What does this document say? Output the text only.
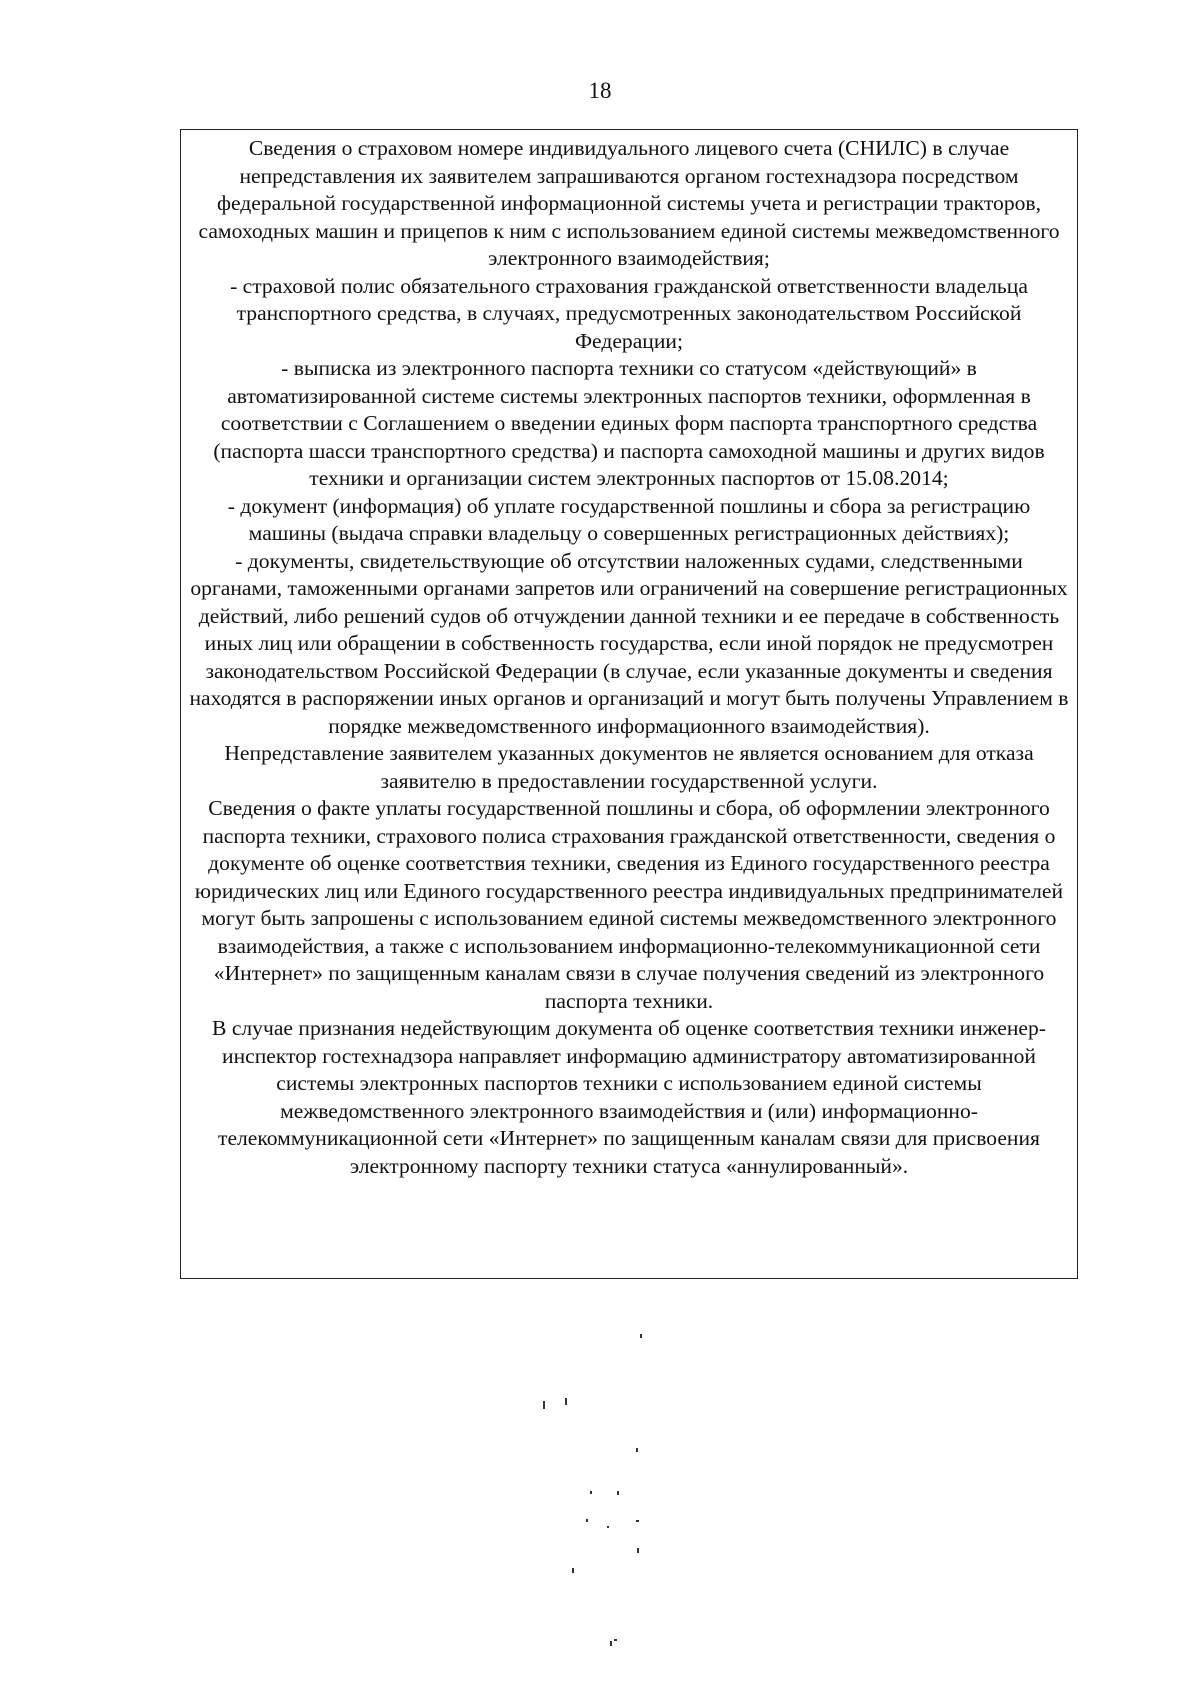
18

Сведения о страховом номере индивидуального лицевого счета (СНИЛС) в случае непредставления их заявителем запрашиваются органом гостехнадзора посредством федеральной государственной информационной системы учета и регистрации тракторов, самоходных машин и прицепов к ним с использованием единой системы межведомственного электронного взаимодействия;

- страховой полис обязательного страхования гражданской ответственности владельца транспортного средства, в случаях, предусмотренных законодательством Российской Федерации;

- выписка из электронного паспорта техники со статусом «действующий» в автоматизированной системе системы электронных паспортов техники, оформленная в соответствии с Соглашением о введении единых форм паспорта транспортного средства (паспорта шасси транспортного средства) и паспорта самоходной машины и других видов техники и организации систем электронных паспортов от 15.08.2014;

- документ (информация) об уплате государственной пошлины и сбора за регистрацию машины (выдача справки владельцу о совершенных регистрационных действиях);

- документы, свидетельствующие об отсутствии наложенных судами, следственными органами, таможенными органами запретов или ограничений на совершение регистрационных действий, либо решений судов об отчуждении данной техники и ее передаче в собственность иных лиц или обращении в собственность государства, если иной порядок не предусмотрен законодательством Российской Федерации (в случае, если указанные документы и сведения находятся в распоряжении иных органов и организаций и могут быть получены Управлением в порядке межведомственного информационного взаимодействия).

Непредставление заявителем указанных документов не является основанием для отказа заявителю в предоставлении государственной услуги.

Сведения о факте уплаты государственной пошлины и сбора, об оформлении электронного паспорта техники, страхового полиса страхования гражданской ответственности, сведения о документе об оценке соответствия техники, сведения из Единого государственного реестра юридических лиц или Единого государственного реестра индивидуальных предпринимателей могут быть запрошены с использованием единой системы межведомственного электронного взаимодействия, а также с использованием информационно-телекоммуникационной сети «Интернет» по защищенным каналам связи в случае получения сведений из электронного паспорта техники.

В случае признания недействующим документа об оценке соответствия техники инженер-инспектор гостехнадзора направляет информацию администратору автоматизированной системы электронных паспортов техники с использованием единой системы межведомственного электронного взаимодействия и (или) информационно-телекоммуникационной сети «Интернет» по защищенным каналам связи для присвоения электронному паспорту техники статуса «аннулированный».
